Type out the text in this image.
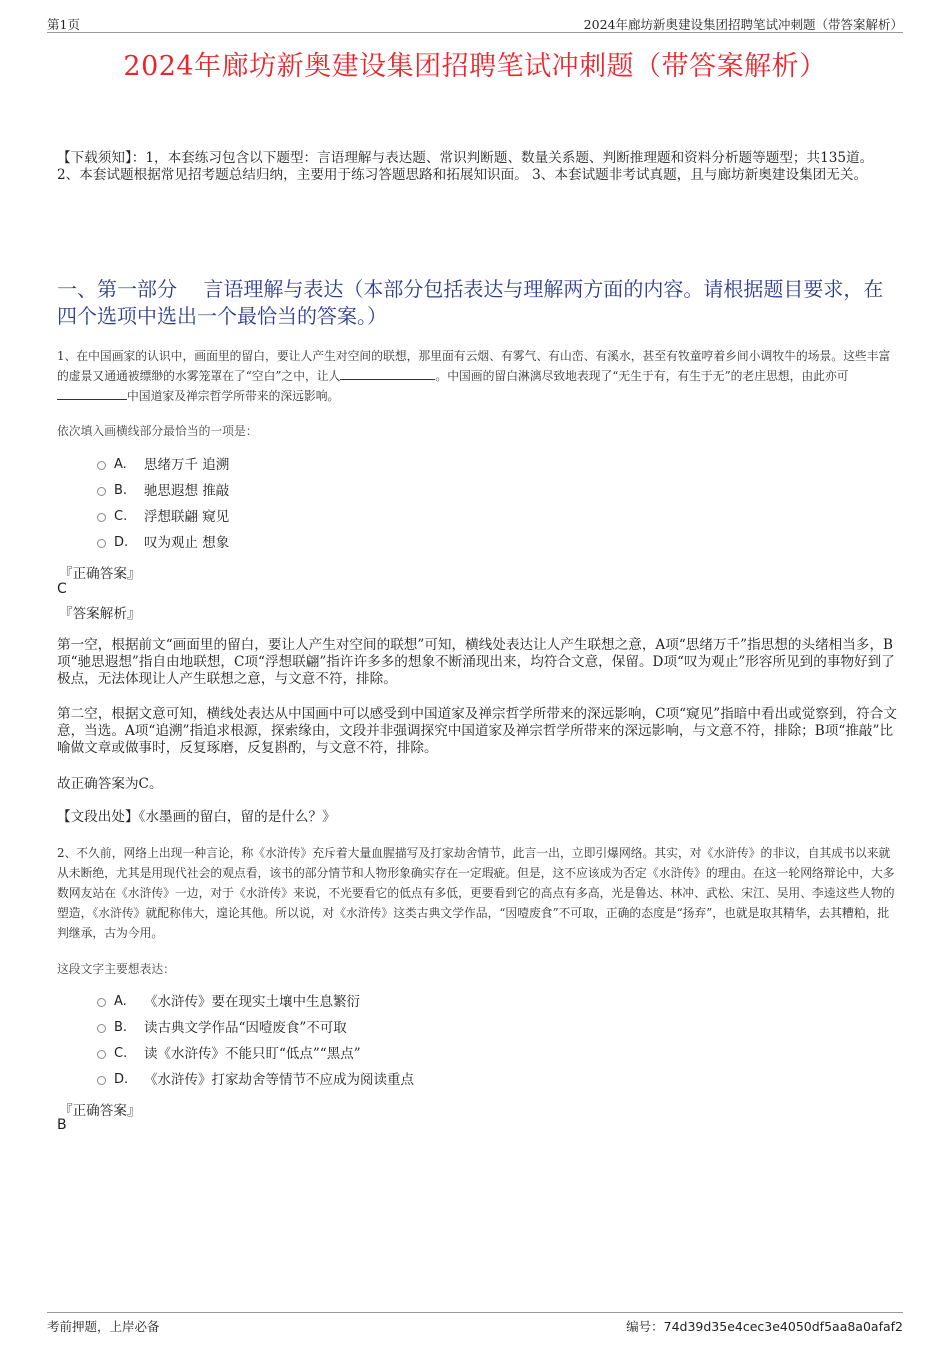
第1页	2024年廊坊新奥建设集团招聘笔试冲刺题（带答案解析）
2024年廊坊新奥建设集团招聘笔试冲刺题（带答案解析）
【下载须知】：1，本套练习包含以下题型：言语理解与表达题、常识判断题、数量关系题、判断推理题和资料分析题等题型；共135道。 2、本套试题根据常见招考题总结归纳，主要用于练习答题思路和拓展知识面。 3、本套试题非考试真题，且与廊坊新奥建设集团无关。
一、第一部分　 言语理解与表达（本部分包括表达与理解两方面的内容。请根据题目要求，在四个选项中选出一个最恰当的答案。）
1、在中国画家的认识中，画面里的留白，要让人产生对空间的联想，那里面有云烟、有雾气、有山峦、有溪水，甚至有牧童哼着乡间小调牧牛的场景。这些丰富的虚景又通通被缥缈的水雾笼罩在了“空白”之中，让人	。中国画的留白淋漓尽致地表现了“无生于有，有生于无”的老庄思想，由此亦可中国道家及禅宗哲学所带来的深远影响。
依次填入画横线部分最恰当的一项是：
A.	思绪万千 追溯
B.	驰思遐想 推敲
C.	浮想联翩 窥见
D.	叹为观止 想象
『正确答案』
C
『答案解析』
第一空，根据前文“画面里的留白，要让人产生对空间的联想”可知，横线处表达让人产生联想之意，A项“思绪万千”指思想的头绪相当多，B项“驰思遐想”指自由地联想，C项“浮想联翩”指许许多多的想象不断涌现出来，均符合文意，保留。D项“叹为观止”形容所见到的事物好到了极点，无法体现让人产生联想之意，与文意不符，排除。
第二空，根据文意可知，横线处表达从中国画中可以感受到中国道家及禅宗哲学所带来的深远影响，C项“窥见”指暗中看出或觉察到，符合文意，当选。A项“追溯”指追求根源，探索缘由，文段并非强调探究中国道家及禅宗哲学所带来的深远影响，与文意不符，排除；B项“推敲”比喻做文章或做事时，反复琢磨，反复斟酌，与文意不符，排除。
故正确答案为C。
【文段出处】《水墨画的留白，留的是什么？》
2、不久前，网络上出现一种言论，称《水浒传》充斥着大量血腥描写及打家劫舍情节，此言一出，立即引爆网络。其实，对《水浒传》的非议，自其成书以来就从未断绝，尤其是用现代社会的观点看，该书的部分情节和人物形象确实存在一定瑕疵。但是，这不应该成为否定《水浒传》的理由。在这一轮网络辩论中，大多数网友站在《水浒传》一边，对于《水浒传》来说，不光要看它的低点有多低，更要看到它的高点有多高，光是鲁达、林冲、武松、宋江、吴用、李逵这些人物的塑造，《水浒传》就配称伟大，遑论其他。所以说，对《水浒传》这类古典文学作品，“因噎废食”不可取，正确的态度是“扬弃”，也就是取其精华，去其糟粕，批判继承，古为今用。
这段文字主要想表达：
A.	《水浒传》要在现实土壤中生息繁衍
B.	读古典文学作品“因噎废食”不可取
C.	读《水浒传》不能只盯“低点”“黑点”
D.	《水浒传》打家劫舍等情节不应成为阅读重点
『正确答案』
B
考前押题，上岸必备	编号：74d39d35e4cec3e4050df5aa8a0afaf2
